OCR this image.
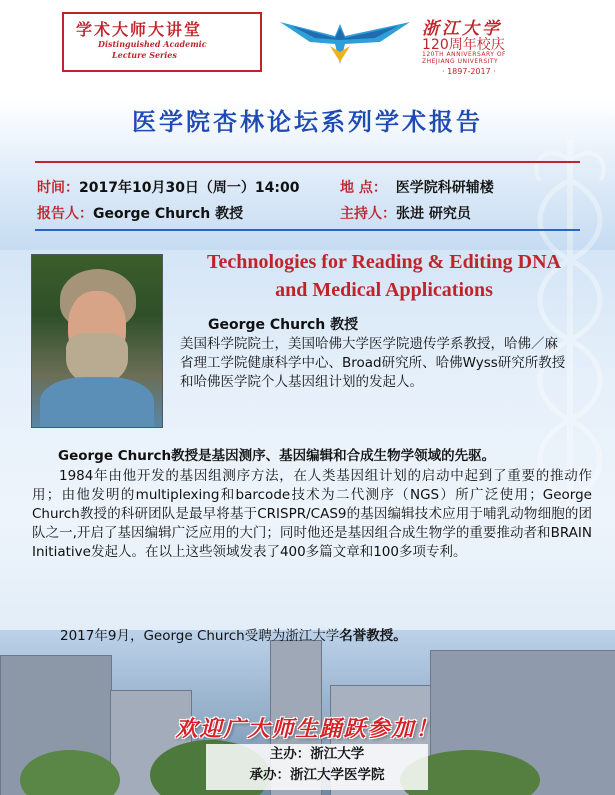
学术大师大讲堂
Distinguished Academic
Lecture Series
浙江大学
120周年校庆
120TH ANNIVERSARY OF
ZHEJIANG UNIVERSITY
· 1897-2017 ·
医学院杏林论坛系列学术报告
时间：2017年10月30日（周一）14:00	地 点： 医学院科研辅楼
报告人：George Church 教授	主持人：张进 研究员
Technologies for Reading & Editing DNA
and Medical Applications
George Church 教授
美国科学院院士，美国哈佛大学医学院遗传学系教授，哈佛／麻省理工学院健康科学中心、Broad研究所、哈佛Wyss研究所教授和哈佛医学院个人基因组计划的发起人。
George Church教授是基因测序、基因编辑和合成生物学领域的先驱。
1984年由他开发的基因组测序方法，在人类基因组计划的启动中起到了重要的推动作用；由他发明的multiplexing和barcode技术为二代测序（NGS）所广泛使用；George Church教授的科研团队是最早将基于CRISPR/CAS9的基因编辑技术应用于哺乳动物细胞的团队之一,开启了基因编辑广泛应用的大门；同时他还是基因组合成生物学的重要推动者和BRAIN Initiative发起人。在以上这些领域发表了400多篇文章和100多项专利。
2017年9月，George Church受聘为浙江大学名誉教授。
欢迎广大师生踊跃参加！
主办：浙江大学
承办：浙江大学医学院
